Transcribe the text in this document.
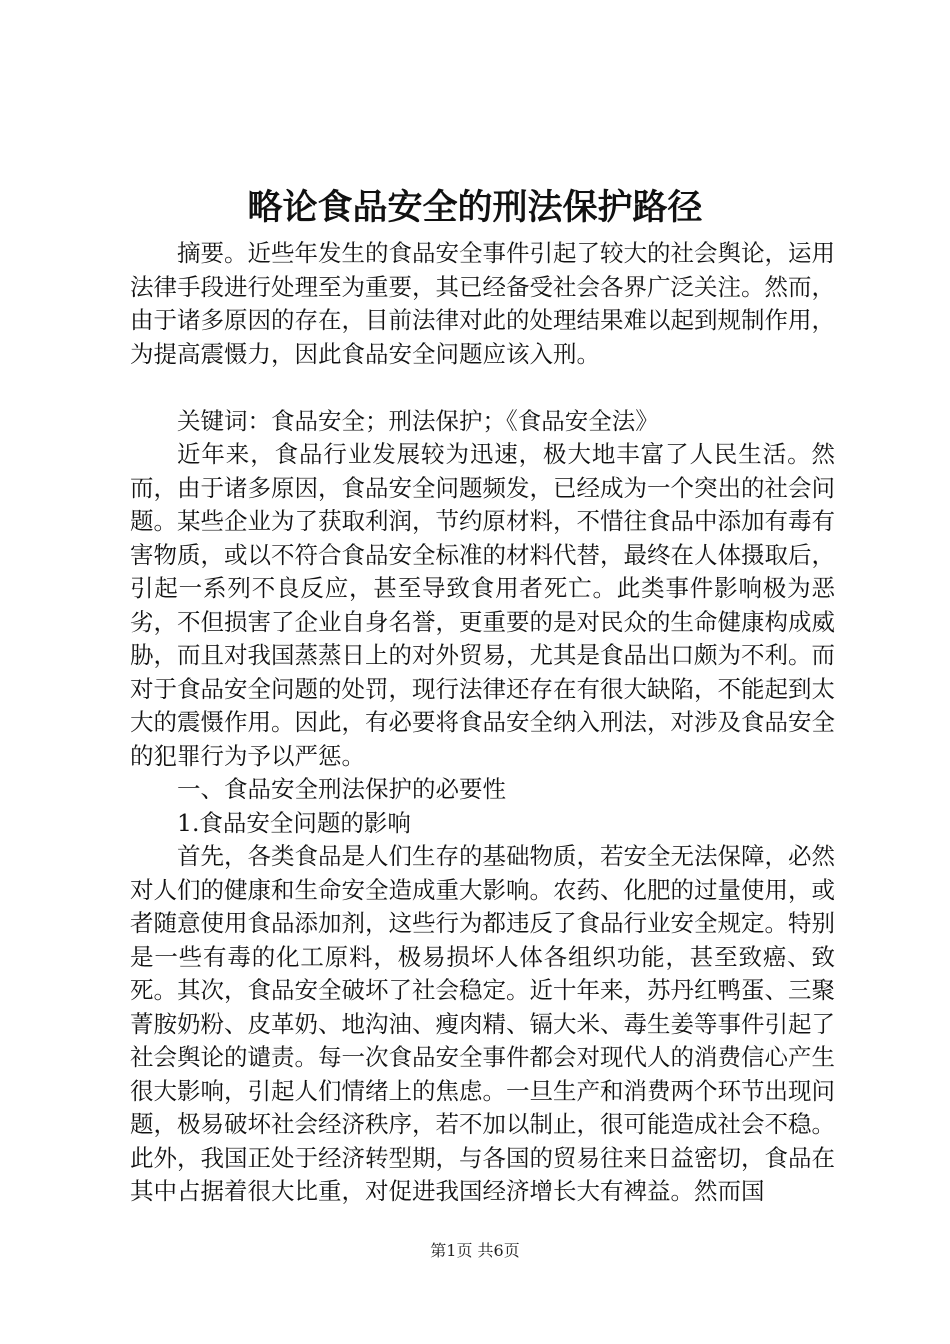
略论食品安全的刑法保护路径

摘要。近些年发生的食品安全事件引起了较大的社会舆论，运用法律手段进行处理至为重要，其已经备受社会各界广泛关注。然而，由于诸多原因的存在，目前法律对此的处理结果难以起到规制作用，为提高震慑力，因此食品安全问题应该入刑。

关键词：食品安全；刑法保护；《食品安全法》

近年来，食品行业发展较为迅速，极大地丰富了人民生活。然而，由于诸多原因，食品安全问题频发，已经成为一个突出的社会问题。某些企业为了获取利润，节约原材料，不惜往食品中添加有毒有害物质，或以不符合食品安全标准的材料代替，最终在人体摄取后，引起一系列不良反应，甚至导致食用者死亡。此类事件影响极为恶劣，不但损害了企业自身名誉，更重要的是对民众的生命健康构成威胁，而且对我国蒸蒸日上的对外贸易，尤其是食品出口颇为不利。而对于食品安全问题的处罚，现行法律还存在有很大缺陷，不能起到太大的震慑作用。因此，有必要将食品安全纳入刑法，对涉及食品安全的犯罪行为予以严惩。

一、食品安全刑法保护的必要性

1.食品安全问题的影响

首先，各类食品是人们生存的基础物质，若安全无法保障，必然对人们的健康和生命安全造成重大影响。农药、化肥的过量使用，或者随意使用食品添加剂，这些行为都违反了食品行业安全规定。特别是一些有毒的化工原料，极易损坏人体各组织功能，甚至致癌、致死。其次，食品安全破坏了社会稳定。近十年来，苏丹红鸭蛋、三聚菁胺奶粉、皮革奶、地沟油、瘦肉精、镉大米、毒生姜等事件引起了社会舆论的谴责。每一次食品安全事件都会对现代人的消费信心产生很大影响，引起人们情绪上的焦虑。一旦生产和消费两个环节出现问题，极易破坏社会经济秩序，若不加以制止，很可能造成社会不稳。此外，我国正处于经济转型期，与各国的贸易往来日益密切，食品在其中占据着很大比重，对促进我国经济增长大有裨益。然而国

第1页 共6页
